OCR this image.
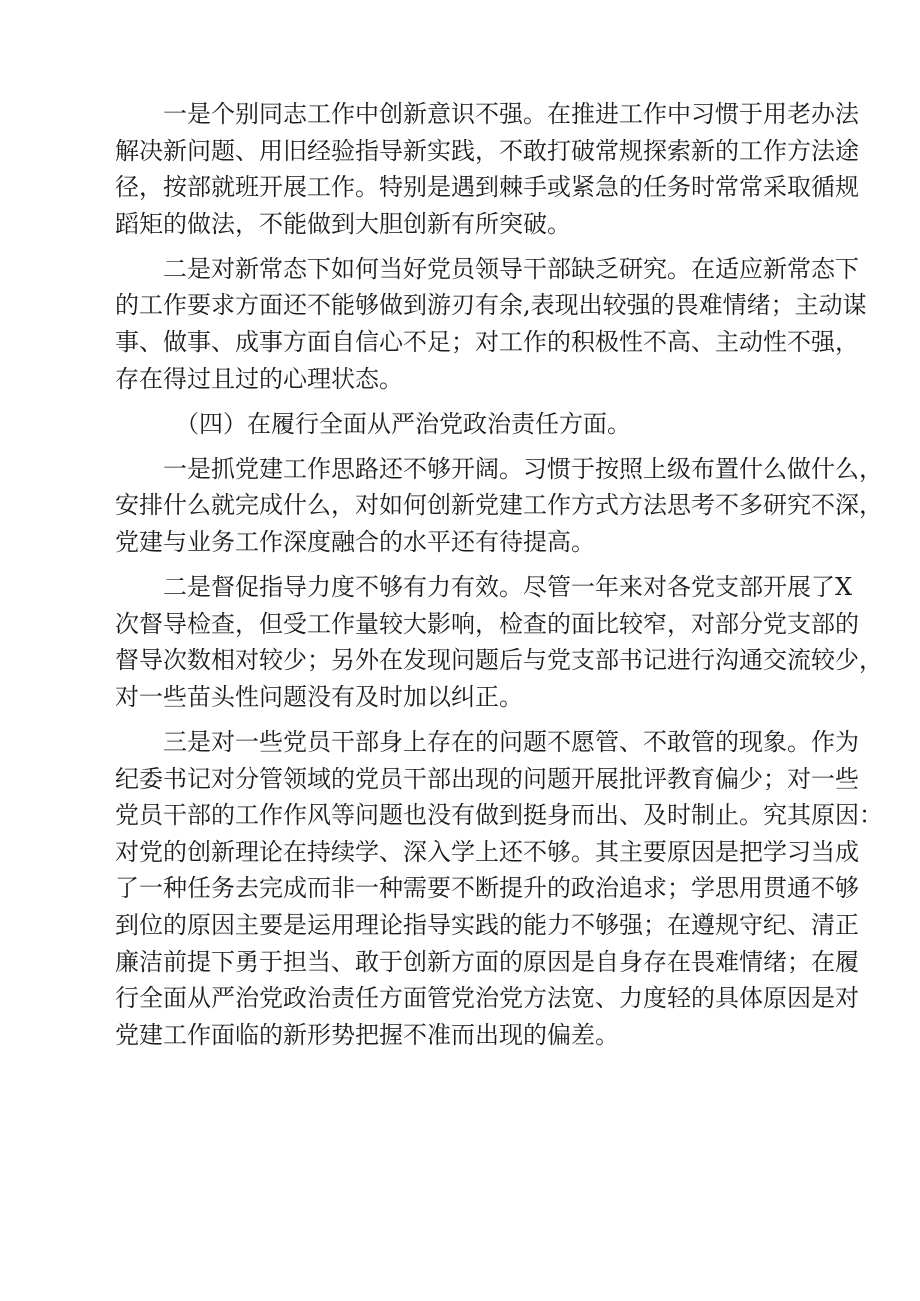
一是个别同志工作中创新意识不强。在推进工作中习惯于用老办法
解决新问题、用旧经验指导新实践，不敢打破常规探索新的工作方法途
径，按部就班开展工作。特别是遇到棘手或紧急的任务时常常采取循规
蹈矩的做法，不能做到大胆创新有所突破。
二是对新常态下如何当好党员领导干部缺乏研究。在适应新常态下
的工作要求方面还不能够做到游刃有余,表现出较强的畏难情绪；主动谋
事、做事、成事方面自信心不足；对工作的积极性不高、主动性不强，
存在得过且过的心理状态。
（四）在履行全面从严治党政治责任方面。
一是抓党建工作思路还不够开阔。习惯于按照上级布置什么做什么，
安排什么就完成什么，对如何创新党建工作方式方法思考不多研究不深，
党建与业务工作深度融合的水平还有待提高。
二是督促指导力度不够有力有效。尽管一年来对各党支部开展了X
次督导检查，但受工作量较大影响，检查的面比较窄，对部分党支部的
督导次数相对较少；另外在发现问题后与党支部书记进行沟通交流较少，
对一些苗头性问题没有及时加以纠正。
三是对一些党员干部身上存在的问题不愿管、不敢管的现象。作为
纪委书记对分管领域的党员干部出现的问题开展批评教育偏少；对一些
党员干部的工作作风等问题也没有做到挺身而出、及时制止。究其原因：
对党的创新理论在持续学、深入学上还不够。其主要原因是把学习当成
了一种任务去完成而非一种需要不断提升的政治追求；学思用贯通不够
到位的原因主要是运用理论指导实践的能力不够强；在遵规守纪、清正
廉洁前提下勇于担当、敢于创新方面的原因是自身存在畏难情绪；在履
行全面从严治党政治责任方面管党治党方法宽、力度轻的具体原因是对
党建工作面临的新形势把握不准而出现的偏差。
